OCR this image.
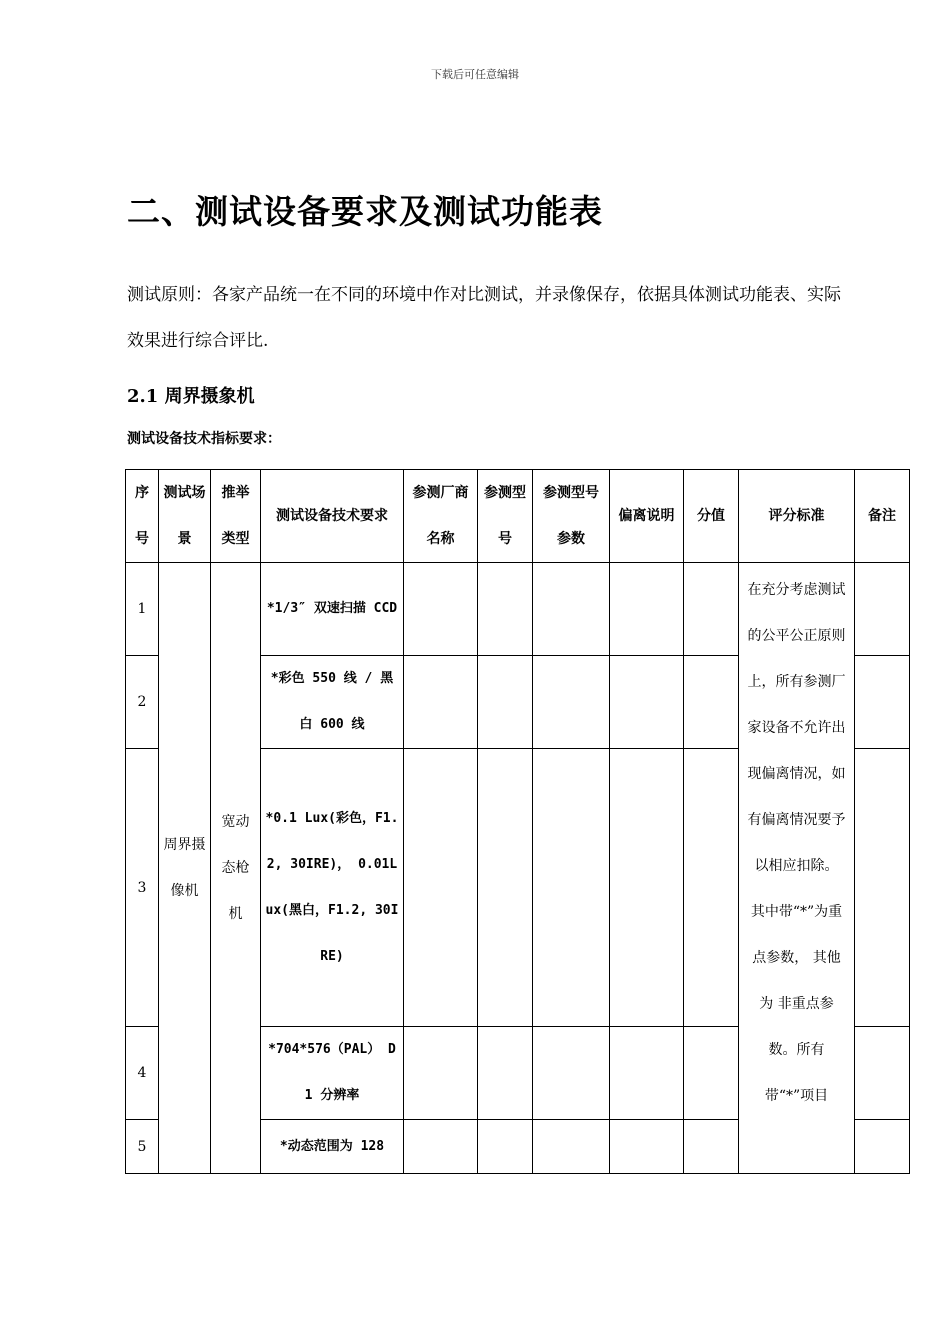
下载后可任意编辑
二、测试设备要求及测试功能表
测试原则：各家产品统一在不同的环境中作对比测试，并录像保存，依据具体测试功能表、实际效果进行综合评比.
2.1 周界摄象机
测试设备技术指标要求：
序号	测试场景	推举类型	测试设备技术要求	参测厂商名称	参测型号	参测型号参数	偏离说明	分值	评分标准	备注
1	周界摄像机	宽动态枪机	*1/3″ 双速扫描 CCD						在充分考虑测试的公平公正原则上，所有参测厂家设备不允许出现偏离情况，如有偏离情况要予以相应扣除。 其中带“*”为重点参数， 其他为 非重点参数。所有带“*”项目	
2			*彩色 550 线 / 黑白 600 线							
3			*0.1 Lux(彩色，F1.2, 30IRE)， 0.01Lux(黑白，F1.2, 30IRE)							
4			*704*576（PAL） D1 分辨率							
5			*动态范围为 128							
